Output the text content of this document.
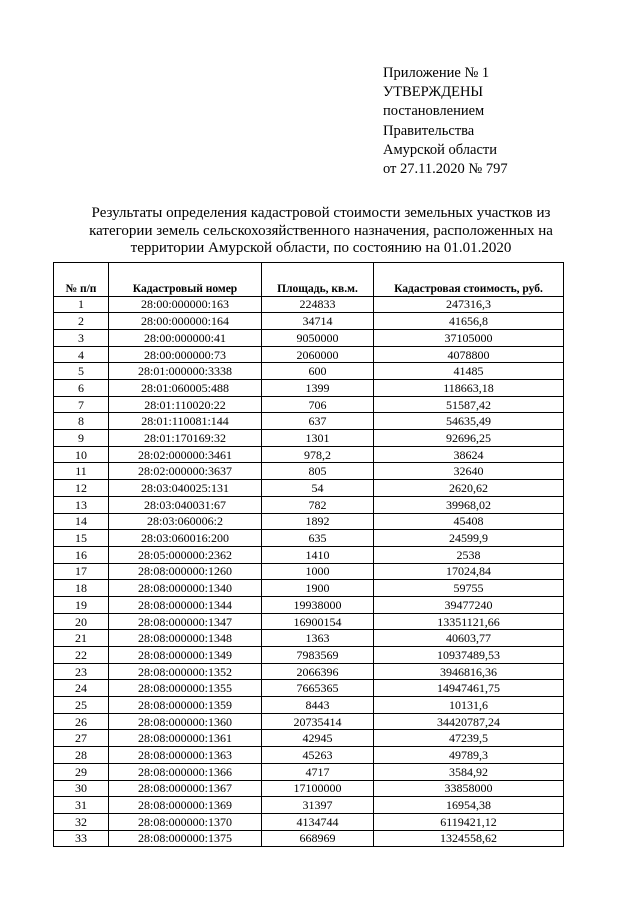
Приложение № 1
УТВЕРЖДЕНЫ
постановлением
Правительства
Амурской области
от 27.11.2020 № 797
Результаты определения кадастровой стоимости земельных участков из категории земель сельскохозяйственного назначения, расположенных на территории Амурской области, по состоянию на 01.01.2020
№ п/п	Кадастровый номер	Площадь, кв.м.	Кадастровая стоимость, руб.
1	28:00:000000:163	224833	247316,3
2	28:00:000000:164	34714	41656,8
3	28:00:000000:41	9050000	37105000
4	28:00:000000:73	2060000	4078800
5	28:01:000000:3338	600	41485
6	28:01:060005:488	1399	118663,18
7	28:01:110020:22	706	51587,42
8	28:01:110081:144	637	54635,49
9	28:01:170169:32	1301	92696,25
10	28:02:000000:3461	978,2	38624
11	28:02:000000:3637	805	32640
12	28:03:040025:131	54	2620,62
13	28:03:040031:67	782	39968,02
14	28:03:060006:2	1892	45408
15	28:03:060016:200	635	24599,9
16	28:05:000000:2362	1410	2538
17	28:08:000000:1260	1000	17024,84
18	28:08:000000:1340	1900	59755
19	28:08:000000:1344	19938000	39477240
20	28:08:000000:1347	16900154	13351121,66
21	28:08:000000:1348	1363	40603,77
22	28:08:000000:1349	7983569	10937489,53
23	28:08:000000:1352	2066396	3946816,36
24	28:08:000000:1355	7665365	14947461,75
25	28:08:000000:1359	8443	10131,6
26	28:08:000000:1360	20735414	34420787,24
27	28:08:000000:1361	42945	47239,5
28	28:08:000000:1363	45263	49789,3
29	28:08:000000:1366	4717	3584,92
30	28:08:000000:1367	17100000	33858000
31	28:08:000000:1369	31397	16954,38
32	28:08:000000:1370	4134744	6119421,12
33	28:08:000000:1375	668969	1324558,62
